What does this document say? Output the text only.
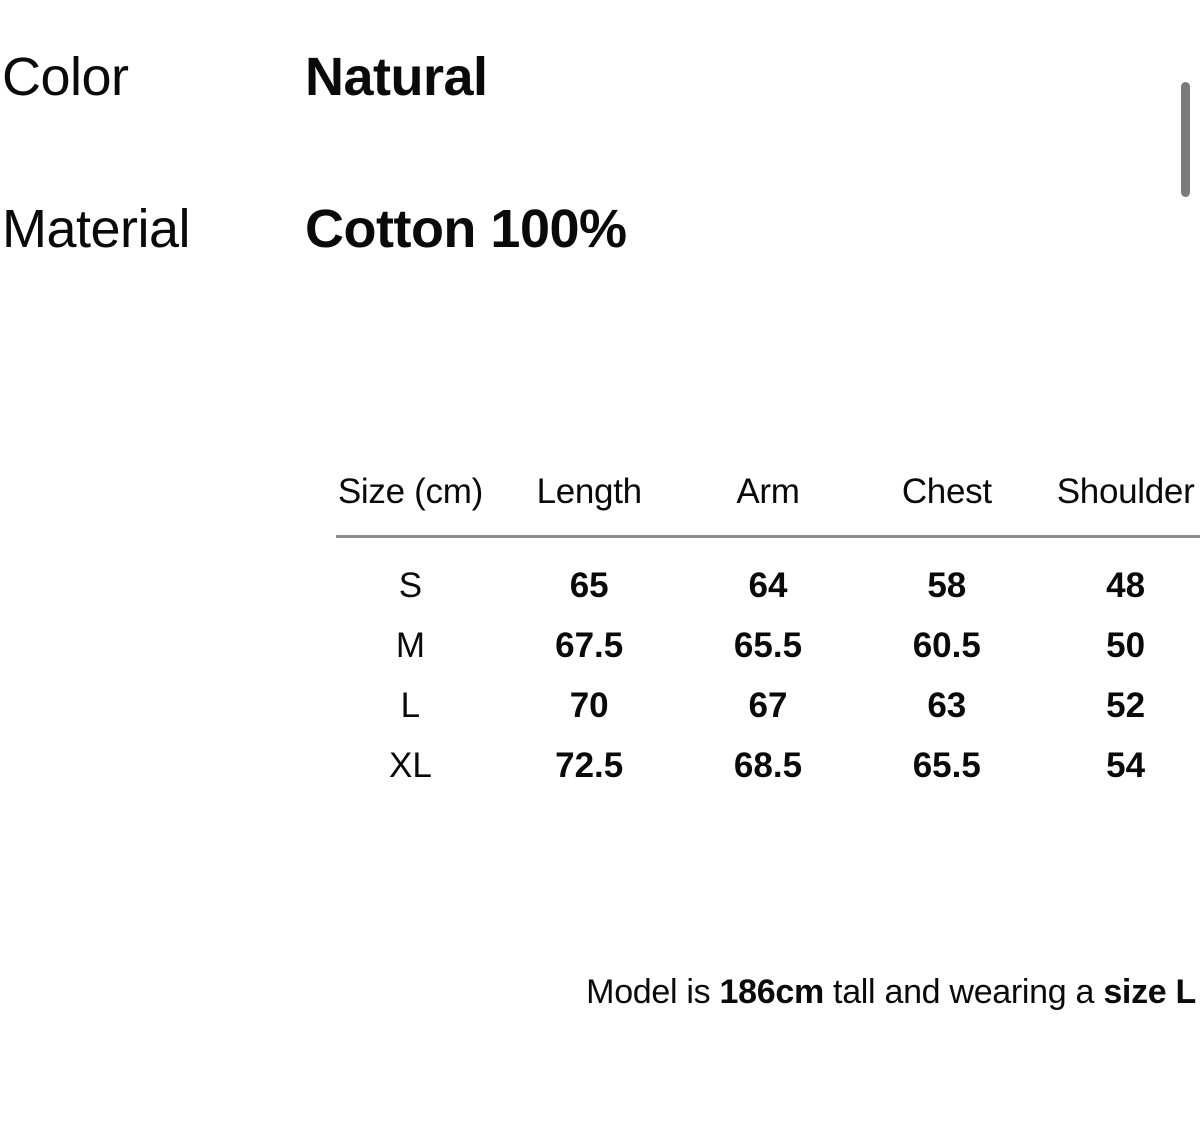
Color	Natural
Material Cotton 100%
Size (cm)	Length	Arm	Chest	Shoulder
S	65	64	58	48
M	67.5	65.5	60.5	50
L	70	67	63	52
XL	72.5	68.5	65.5	54

Model is 186cm tall and wearing a size L
